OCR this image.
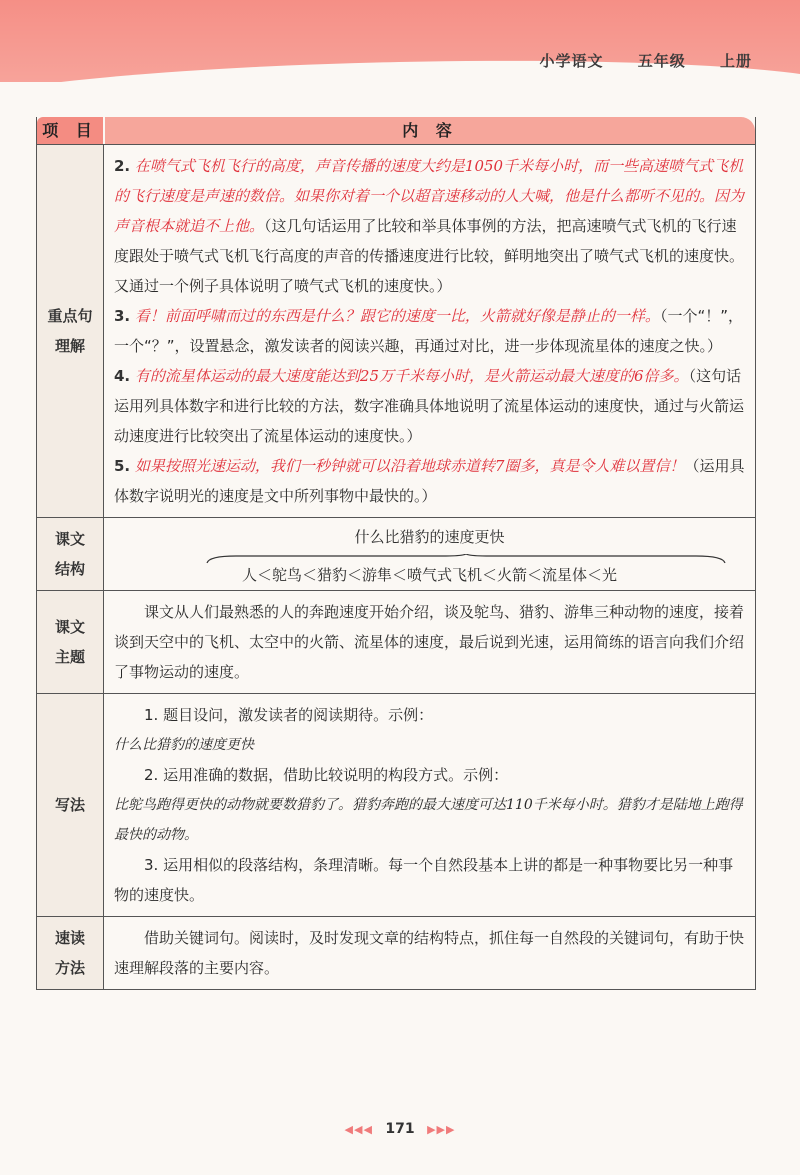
小学语文 五年级 上册
项 目	内 容
重点句
理解
2. 在喷气式飞机飞行的高度，声音传播的速度大约是1050千米每小时，而一些高速喷气式飞机的飞行速度是声速的数倍。如果你对着一个以超音速移动的人大喊，他是什么都听不见的。因为声音根本就追不上他。（这几句话运用了比较和举具体事例的方法，把高速喷气式飞机的飞行速度跟处于喷气式飞机飞行高度的声音的传播速度进行比较，鲜明地突出了喷气式飞机的速度快。又通过一个例子具体说明了喷气式飞机的速度快。）
3. 看！前面呼啸而过的东西是什么？跟它的速度一比，火箭就好像是静止的一样。（一个“！”，一个“？”，设置悬念，激发读者的阅读兴趣，再通过对比，进一步体现流星体的速度之快。）
4. 有的流星体运动的最大速度能达到25万千米每小时，是火箭运动最大速度的6倍多。（这句话运用列具体数字和进行比较的方法，数字准确具体地说明了流星体运动的速度快，通过与火箭运动速度进行比较突出了流星体运动的速度快。）
5. 如果按照光速运动，我们一秒钟就可以沿着地球赤道转7圈多，真是令人难以置信！（运用具体数字说明光的速度是文中所列事物中最快的。）
课文
结构
什么比猎豹的速度更快
人＜鸵鸟＜猎豹＜游隼＜喷气式飞机＜火箭＜流星体＜光
课文
主题
课文从人们最熟悉的人的奔跑速度开始介绍，谈及鸵鸟、猎豹、游隼三种动物的速度，接着谈到天空中的飞机、太空中的火箭、流星体的速度，最后说到光速，运用简练的语言向我们介绍了事物运动的速度。
写法
1. 题目设问，激发读者的阅读期待。示例：
什么比猎豹的速度更快
2. 运用准确的数据，借助比较说明的构段方式。示例：
比鸵鸟跑得更快的动物就要数猎豹了。猎豹奔跑的最大速度可达110千米每小时。猎豹才是陆地上跑得最快的动物。
3. 运用相似的段落结构，条理清晰。每一个自然段基本上讲的都是一种事物要比另一种事物的速度快。
速读
方法
借助关键词句。阅读时，及时发现文章的结构特点，抓住每一自然段的关键词句，有助于快速理解段落的主要内容。
◀◀◀ 171 ▶▶▶
